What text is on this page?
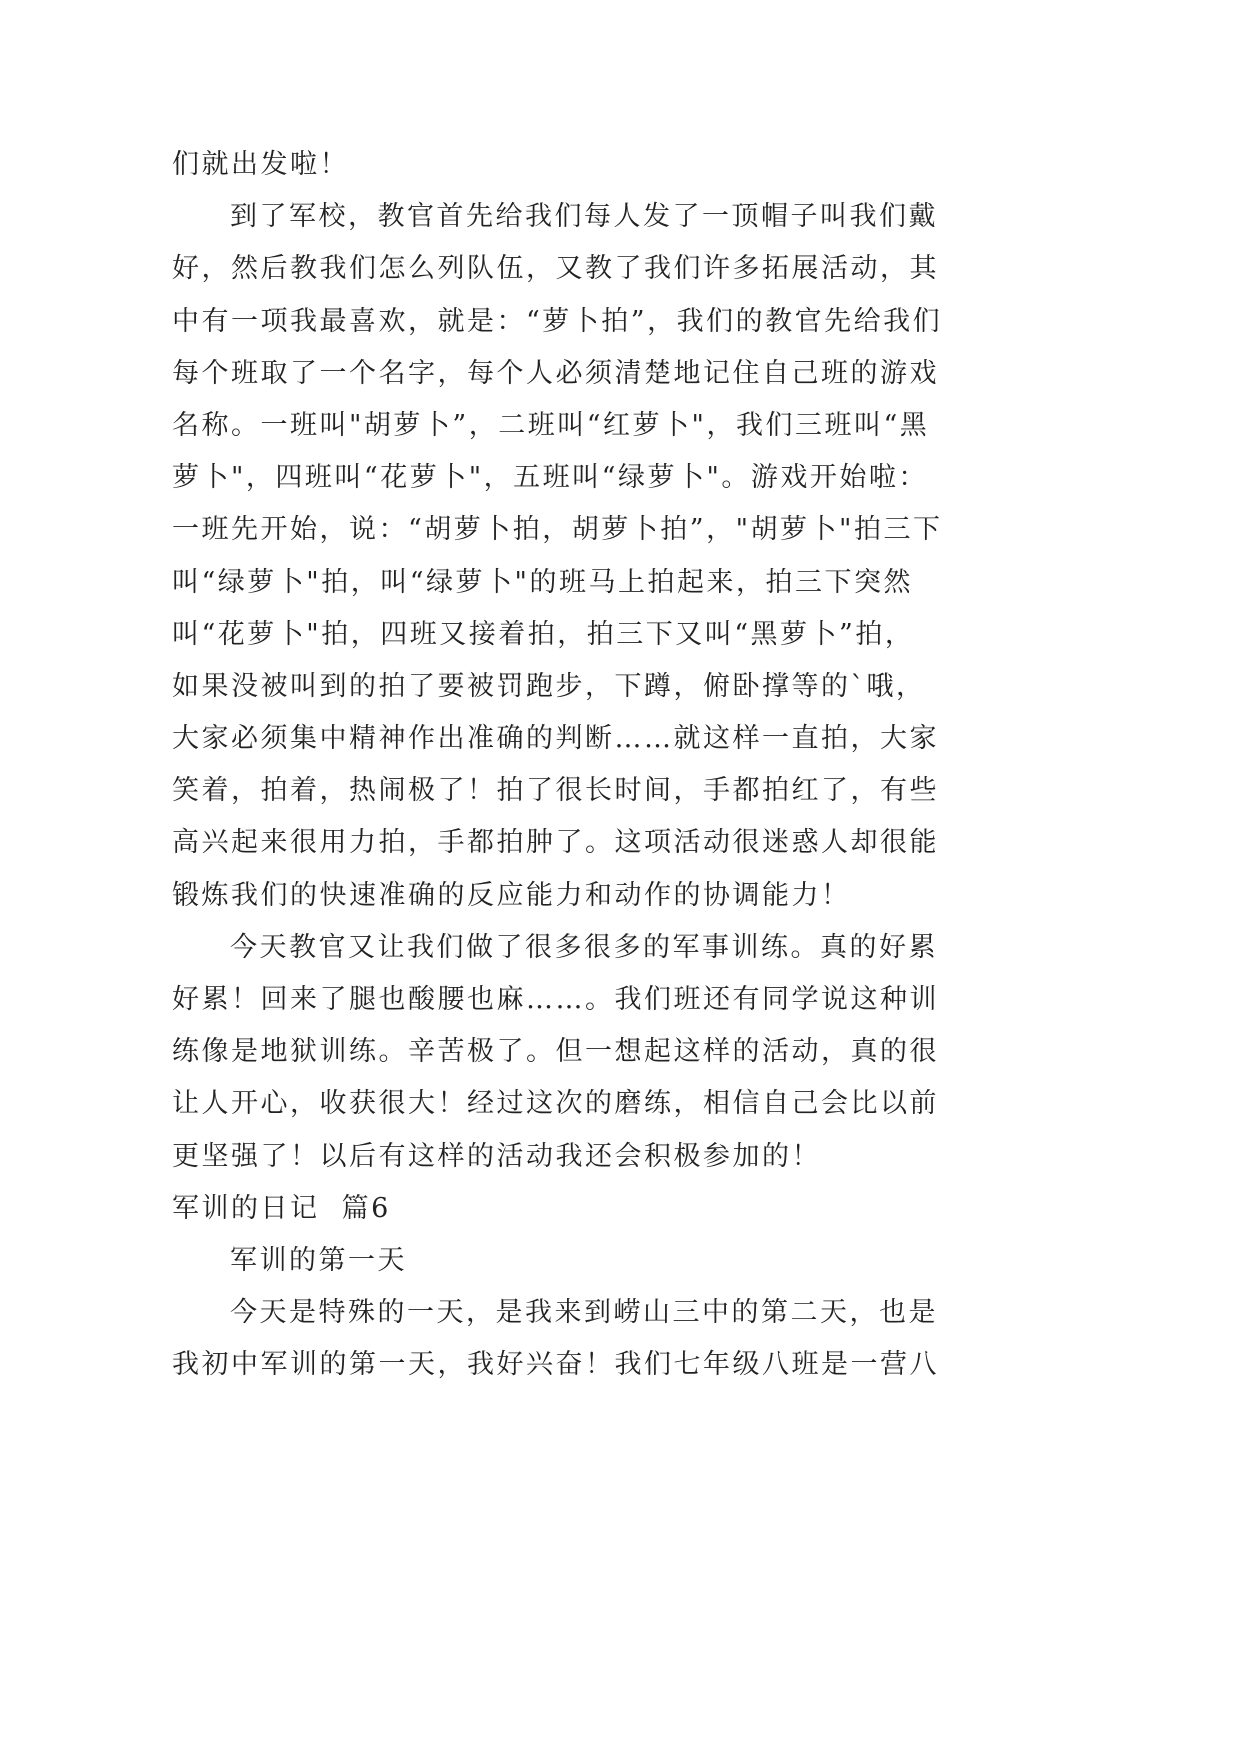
们就出发啦！
到了军校，教官首先给我们每人发了一顶帽子叫我们戴
好，然后教我们怎么列队伍，又教了我们许多拓展活动，其
中有一项我最喜欢，就是：“萝卜拍”，我们的教官先给我们
每个班取了一个名字，每个人必须清楚地记住自己班的游戏
名称。一班叫"胡萝卜”，二班叫“红萝卜"，我们三班叫“黑
萝卜"，四班叫“花萝卜"，五班叫“绿萝卜"。游戏开始啦：
一班先开始，说：“胡萝卜拍，胡萝卜拍”，"胡萝卜"拍三下
叫“绿萝卜"拍，叫“绿萝卜"的班马上拍起来，拍三下突然
叫“花萝卜"拍，四班又接着拍，拍三下又叫“黑萝卜”拍，
如果没被叫到的拍了要被罚跑步，下蹲，俯卧撑等的`哦，
大家必须集中精神作出准确的判断……就这样一直拍，大家
笑着，拍着，热闹极了！拍了很长时间，手都拍红了，有些
高兴起来很用力拍，手都拍肿了。这项活动很迷惑人却很能
锻炼我们的快速准确的反应能力和动作的协调能力！
今天教官又让我们做了很多很多的军事训练。真的好累
好累！回来了腿也酸腰也麻……。我们班还有同学说这种训
练像是地狱训练。辛苦极了。但一想起这样的活动，真的很
让人开心，收获很大！经过这次的磨练，相信自己会比以前
更坚强了！以后有这样的活动我还会积极参加的！
军训的日记  篇6
军训的第一天
今天是特殊的一天，是我来到崂山三中的第二天，也是
我初中军训的第一天，我好兴奋！我们七年级八班是一营八
